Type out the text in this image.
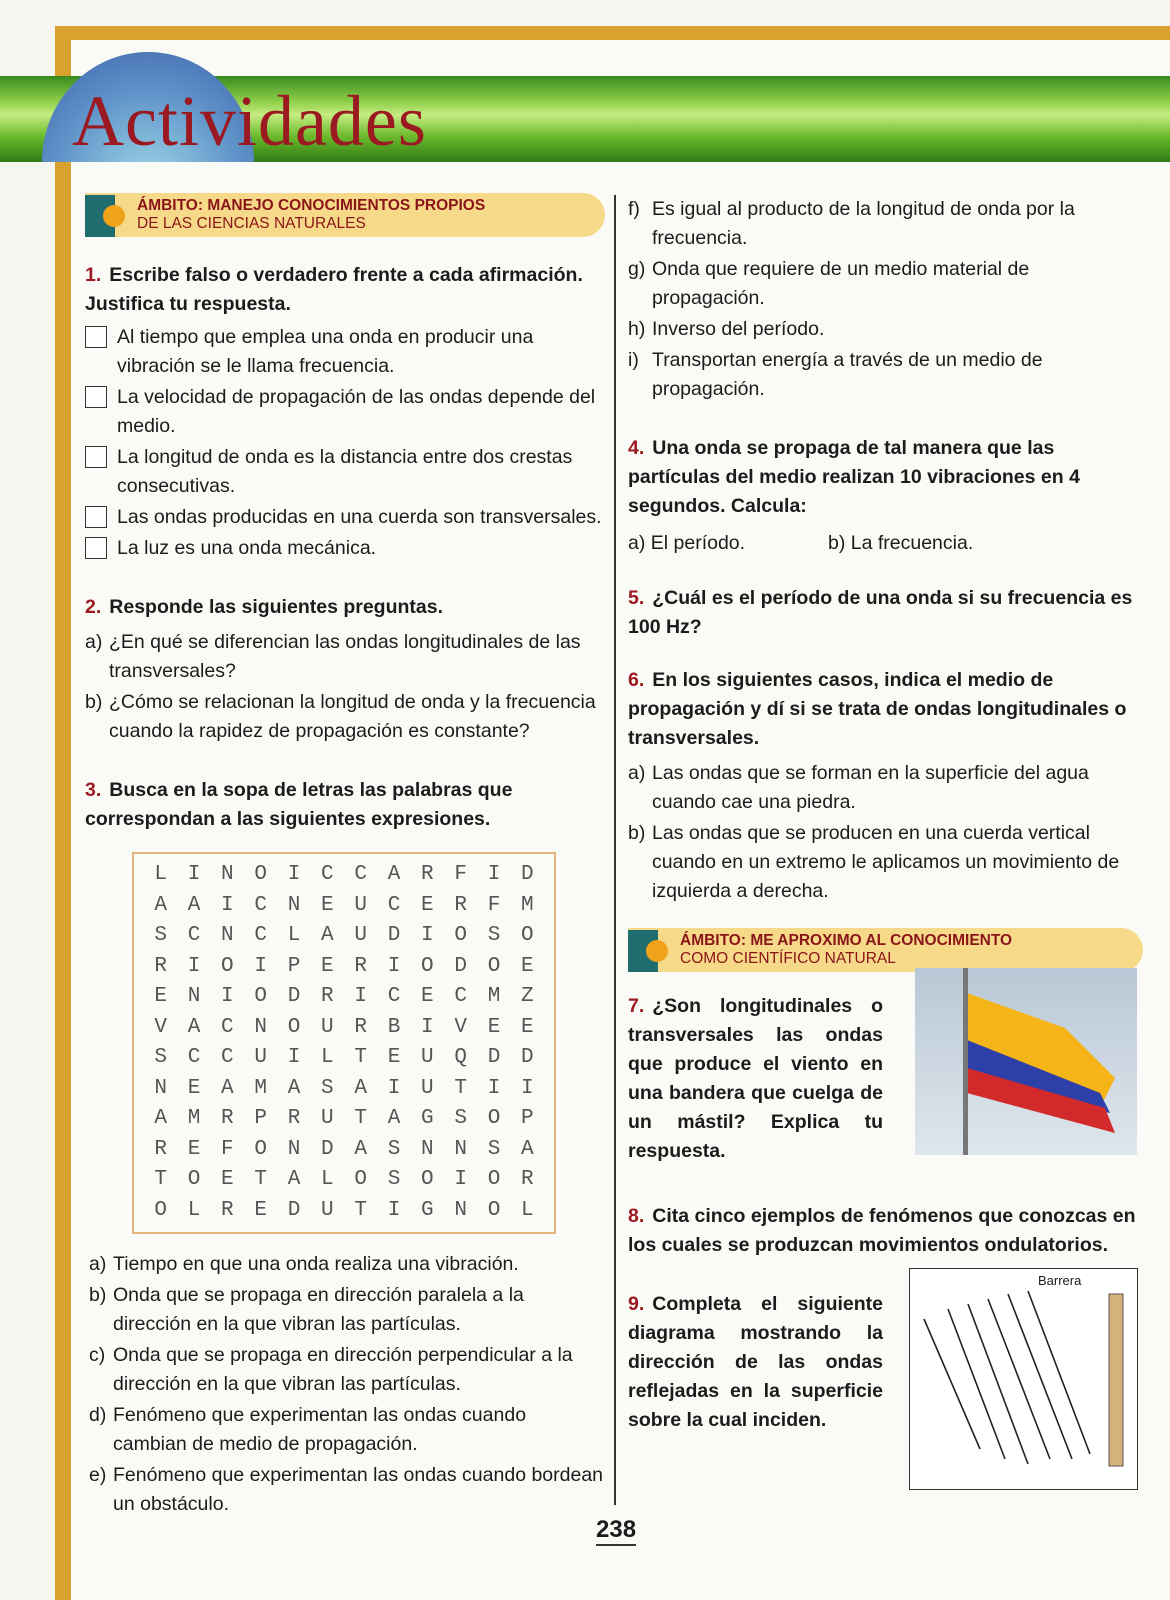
Actividades
ÁMBITO: MANEJO CONOCIMIENTOS PROPIOS
DE LAS CIENCIAS NATURALES
1. Escribe falso o verdadero frente a cada afirmación. Justifica tu respuesta.
Al tiempo que emplea una onda en producir una vibración se le llama frecuencia.
La velocidad de propagación de las ondas depende del medio.
La longitud de onda es la distancia entre dos crestas consecutivas.
Las ondas producidas en una cuerda son transversales.
La luz es una onda mecánica.
2. Responde las siguientes preguntas.
a) ¿En qué se diferencian las ondas longitudinales de las transversales?
b) ¿Cómo se relacionan la longitud de onda y la frecuencia cuando la rapidez de propagación es constante?
3. Busca en la sopa de letras las palabras que correspondan a las siguientes expresiones.
L I N O I C C A R F I D
A A I C N E U C E R F M
S C N C L A U D I O S O
R I O I P E R I O D O E
E N I O D R I C E C M Z
V A C N O U R B I V E E
S C C U I L T E U Q D D
N E A M A S A I U T I I
A M R P R U T A G S O P
R E F O N D A S N N S A
T O E T A L O S O I O R
O L R E D U T I G N O L
a) Tiempo en que una onda realiza una vibración.
b) Onda que se propaga en dirección paralela a la dirección en la que vibran las partículas.
c) Onda que se propaga en dirección perpendicular a la dirección en la que vibran las partículas.
d) Fenómeno que experimentan las ondas cuando cambian de medio de propagación.
e) Fenómeno que experimentan las ondas cuando bordean un obstáculo.
f) Es igual al producto de la longitud de onda por la frecuencia.
g) Onda que requiere de un medio material de propagación.
h) Inverso del período.
i) Transportan energía a través de un medio de propagación.
4. Una onda se propaga de tal manera que las partículas del medio realizan 10 vibraciones en 4 segundos. Calcula:
a) El período.	b) La frecuencia.
5. ¿Cuál es el período de una onda si su frecuencia es 100 Hz?
6. En los siguientes casos, indica el medio de propagación y dí si se trata de ondas longitudinales o transversales.
a) Las ondas que se forman en la superficie del agua cuando cae una piedra.
b) Las ondas que se producen en una cuerda vertical cuando en un extremo le aplicamos un movimiento de izquierda a derecha.
ÁMBITO: ME APROXIMO AL CONOCIMIENTO
COMO CIENTÍFICO NATURAL
7. ¿Son longitudinales o transversales las ondas que produce el viento en una bandera que cuelga de un mástil? Explica tu respuesta.
8. Cita cinco ejemplos de fenómenos que conozcas en los cuales se produzcan movimientos ondulatorios.
9. Completa el siguiente diagrama mostrando la dirección de las ondas reflejadas en la superficie sobre la cual inciden.
Barrera
238
